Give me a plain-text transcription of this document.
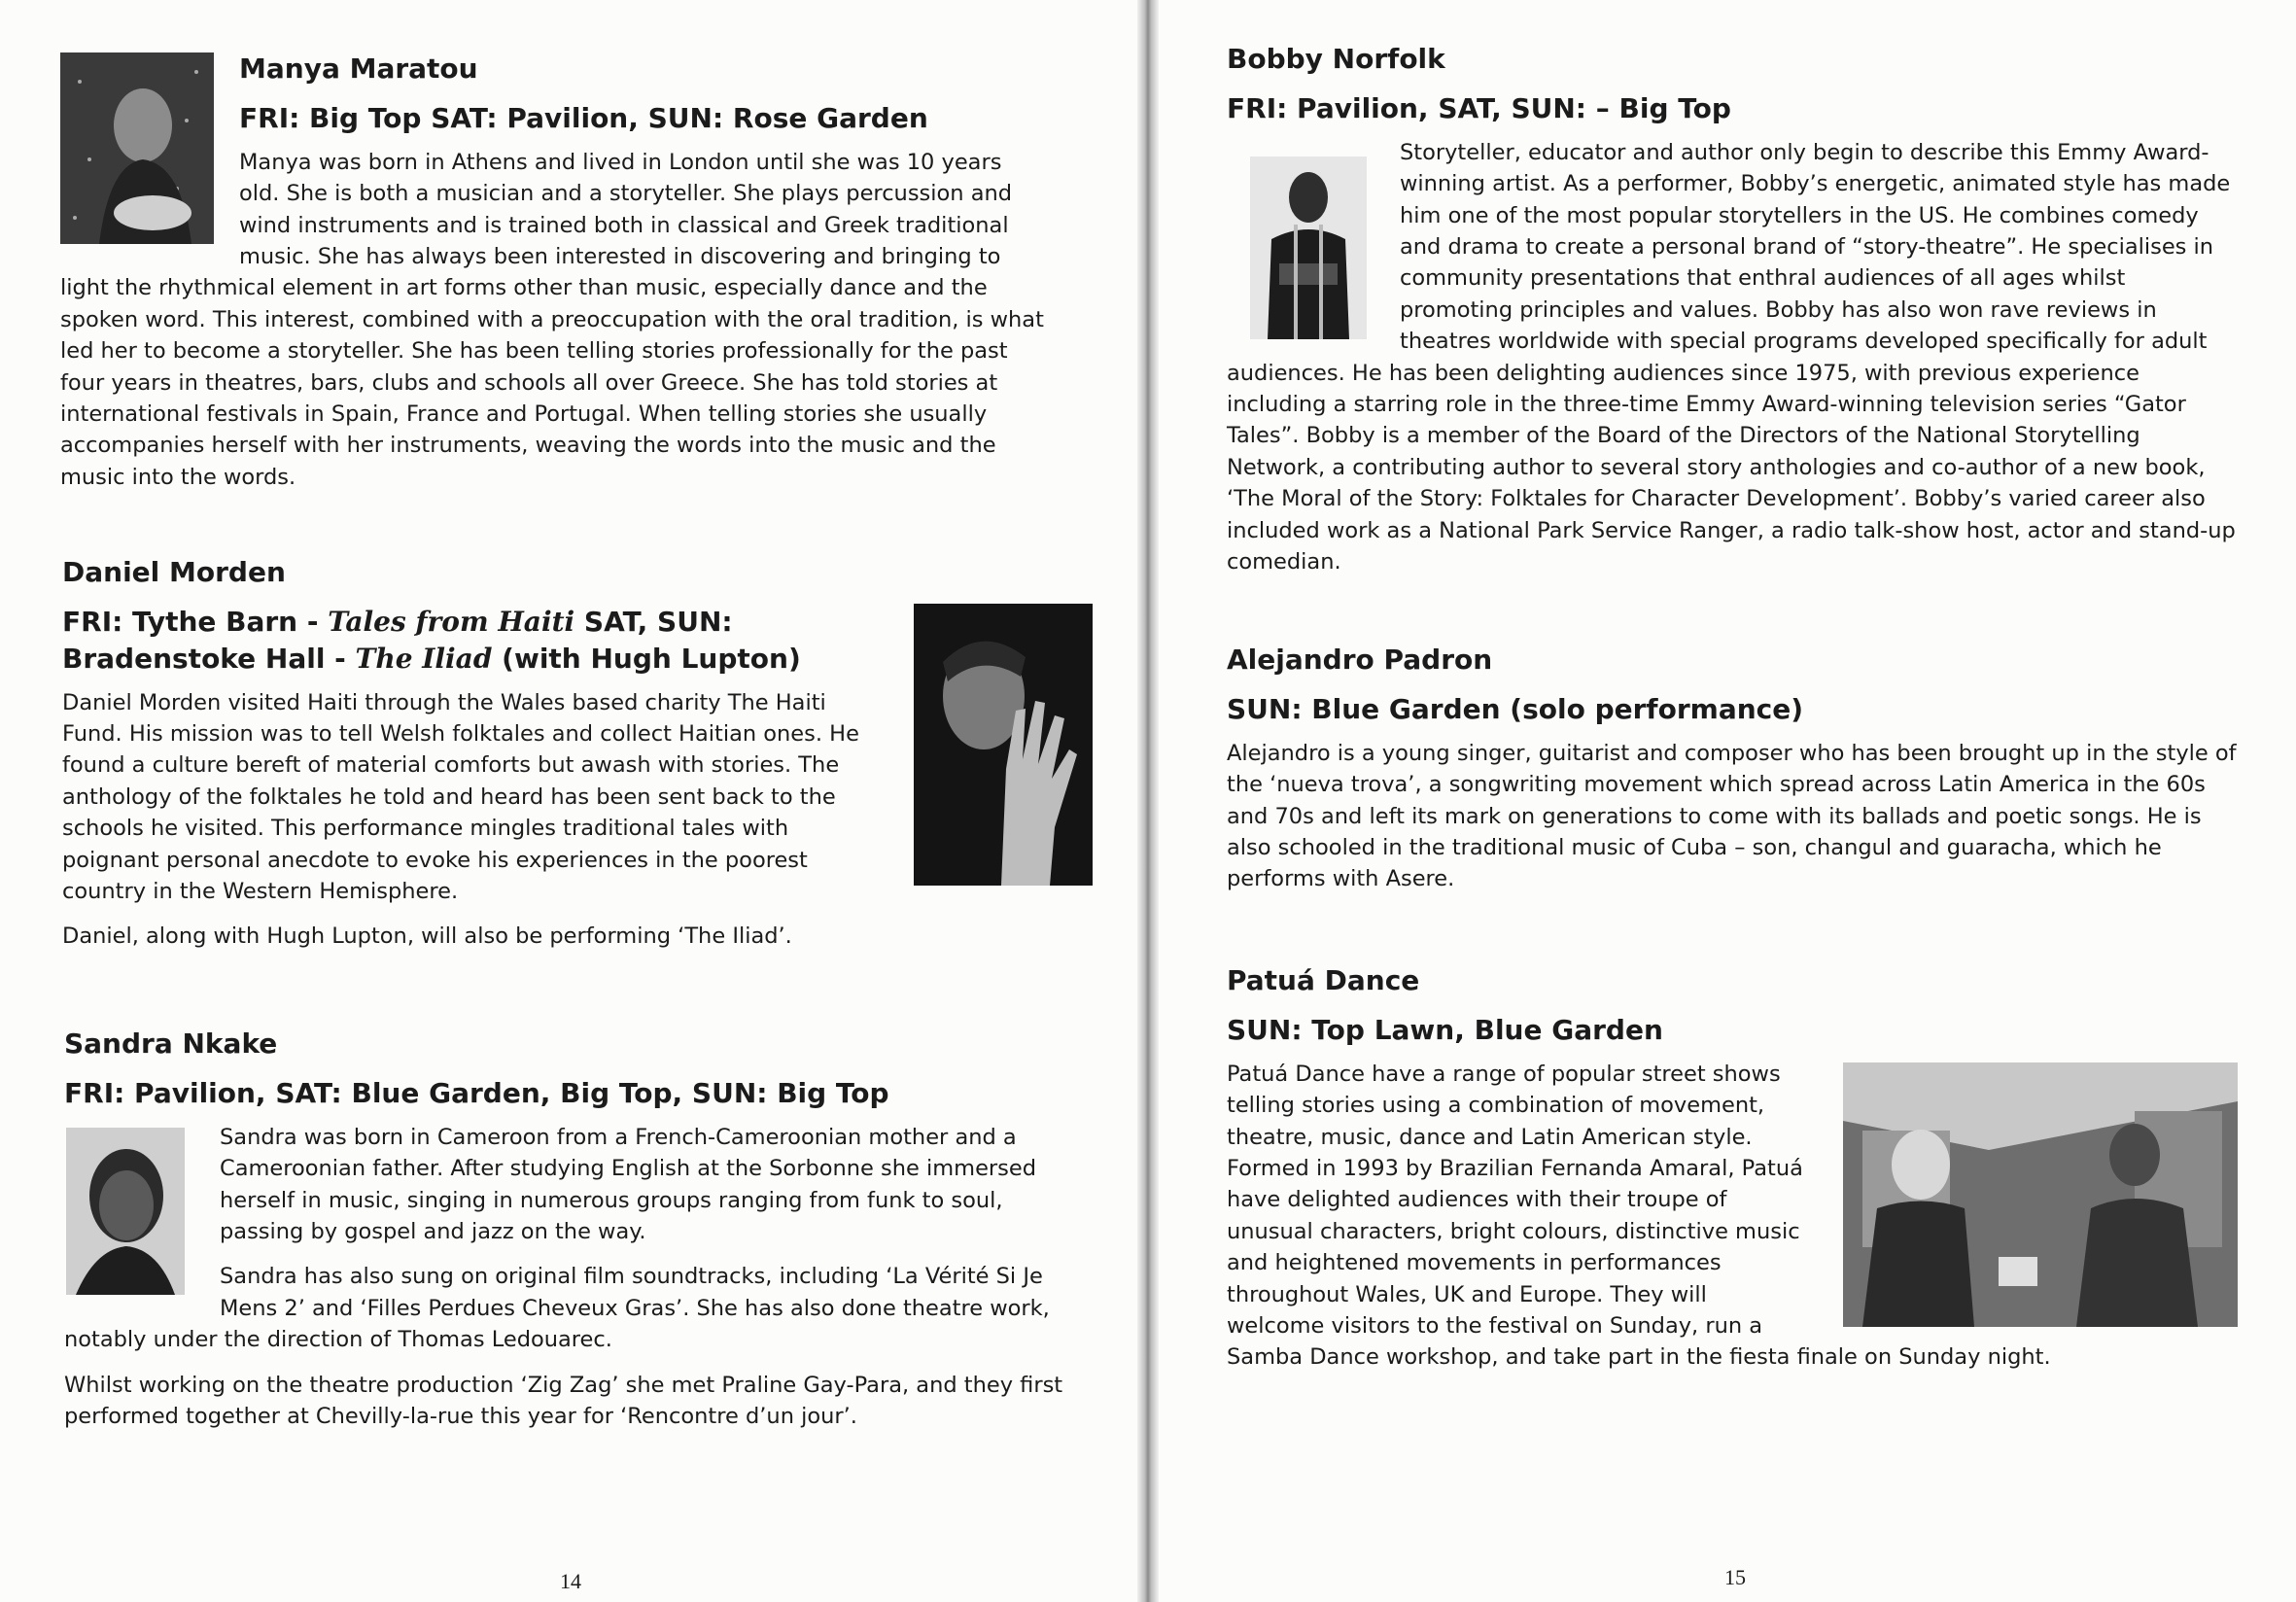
Manya Maratou
FRI: Big Top SAT: Pavilion, SUN: Rose Garden

Manya was born in Athens and lived in London until she was 10 years old. She is both a musician and a storyteller. She plays percussion and wind instruments and is trained both in classical and Greek traditional music. She has always been interested in discovering and bringing to light the rhythmical element in art forms other than music, especially dance and the spoken word. This interest, combined with a preoccupation with the oral tradition, is what led her to become a storyteller. She has been telling stories professionally for the past four years in theatres, bars, clubs and schools all over Greece. She has told stories at international festivals in Spain, France and Portugal. When telling stories she usually accompanies herself with her instruments, weaving the words into the music and the music into the words.

Daniel Morden
FRI: Tythe Barn - Tales from Haiti SAT, SUN: Bradenstoke Hall - The Iliad (with Hugh Lupton)

Daniel Morden visited Haiti through the Wales based charity The Haiti Fund. His mission was to tell Welsh folktales and collect Haitian ones. He found a culture bereft of material comforts but awash with stories. The anthology of the folktales he told and heard has been sent back to the schools he visited. This performance mingles traditional tales with poignant personal anecdote to evoke his experiences in the poorest country in the Western Hemisphere.

Daniel, along with Hugh Lupton, will also be performing ‘The Iliad’.

Sandra Nkake
FRI: Pavilion, SAT: Blue Garden, Big Top, SUN: Big Top

Sandra was born in Cameroon from a French-Cameroonian mother and a Cameroonian father. After studying English at the Sorbonne she immersed herself in music, singing in numerous groups ranging from funk to soul, passing by gospel and jazz on the way.

Sandra has also sung on original film soundtracks, including ‘La Vérité Si Je Mens 2’ and ‘Filles Perdues Cheveux Gras’. She has also done theatre work, notably under the direction of Thomas Ledouarec.

Whilst working on the theatre production ‘Zig Zag’ she met Praline Gay-Para, and they first performed together at Chevilly-la-rue this year for ‘Rencontre d’un jour’.

14
Bobby Norfolk
FRI: Pavilion, SAT, SUN: – Big Top

Storyteller, educator and author only begin to describe this Emmy Award-winning artist. As a performer, Bobby’s energetic, animated style has made him one of the most popular storytellers in the US. He combines comedy and drama to create a personal brand of “story-theatre”. He specialises in community presentations that enthral audiences of all ages whilst promoting principles and values. Bobby has also won rave reviews in theatres worldwide with special programs developed specifically for adult audiences. He has been delighting audiences since 1975, with previous experience including a starring role in the three-time Emmy Award-winning television series “Gator Tales”. Bobby is a member of the Board of the Directors of the National Storytelling Network, a contributing author to several story anthologies and co-author of a new book, ‘The Moral of the Story: Folktales for Character Development’. Bobby’s varied career also included work as a National Park Service Ranger, a radio talk-show host, actor and stand-up comedian.

Alejandro Padron
SUN: Blue Garden (solo performance)

Alejandro is a young singer, guitarist and composer who has been brought up in the style of the ‘nueva trova’, a songwriting movement which spread across Latin America in the 60s and 70s and left its mark on generations to come with its ballads and poetic songs. He is also schooled in the traditional music of Cuba – son, changul and guaracha, which he performs with Asere.

Patuá Dance
SUN: Top Lawn, Blue Garden

Patuá Dance have a range of popular street shows telling stories using a combination of movement, theatre, music, dance and Latin American style. Formed in 1993 by Brazilian Fernanda Amaral, Patuá have delighted audiences with their troupe of unusual characters, bright colours, distinctive music and heightened movements in performances throughout Wales, UK and Europe. They will welcome visitors to the festival on Sunday, run a Samba Dance workshop, and take part in the fiesta finale on Sunday night.

15
